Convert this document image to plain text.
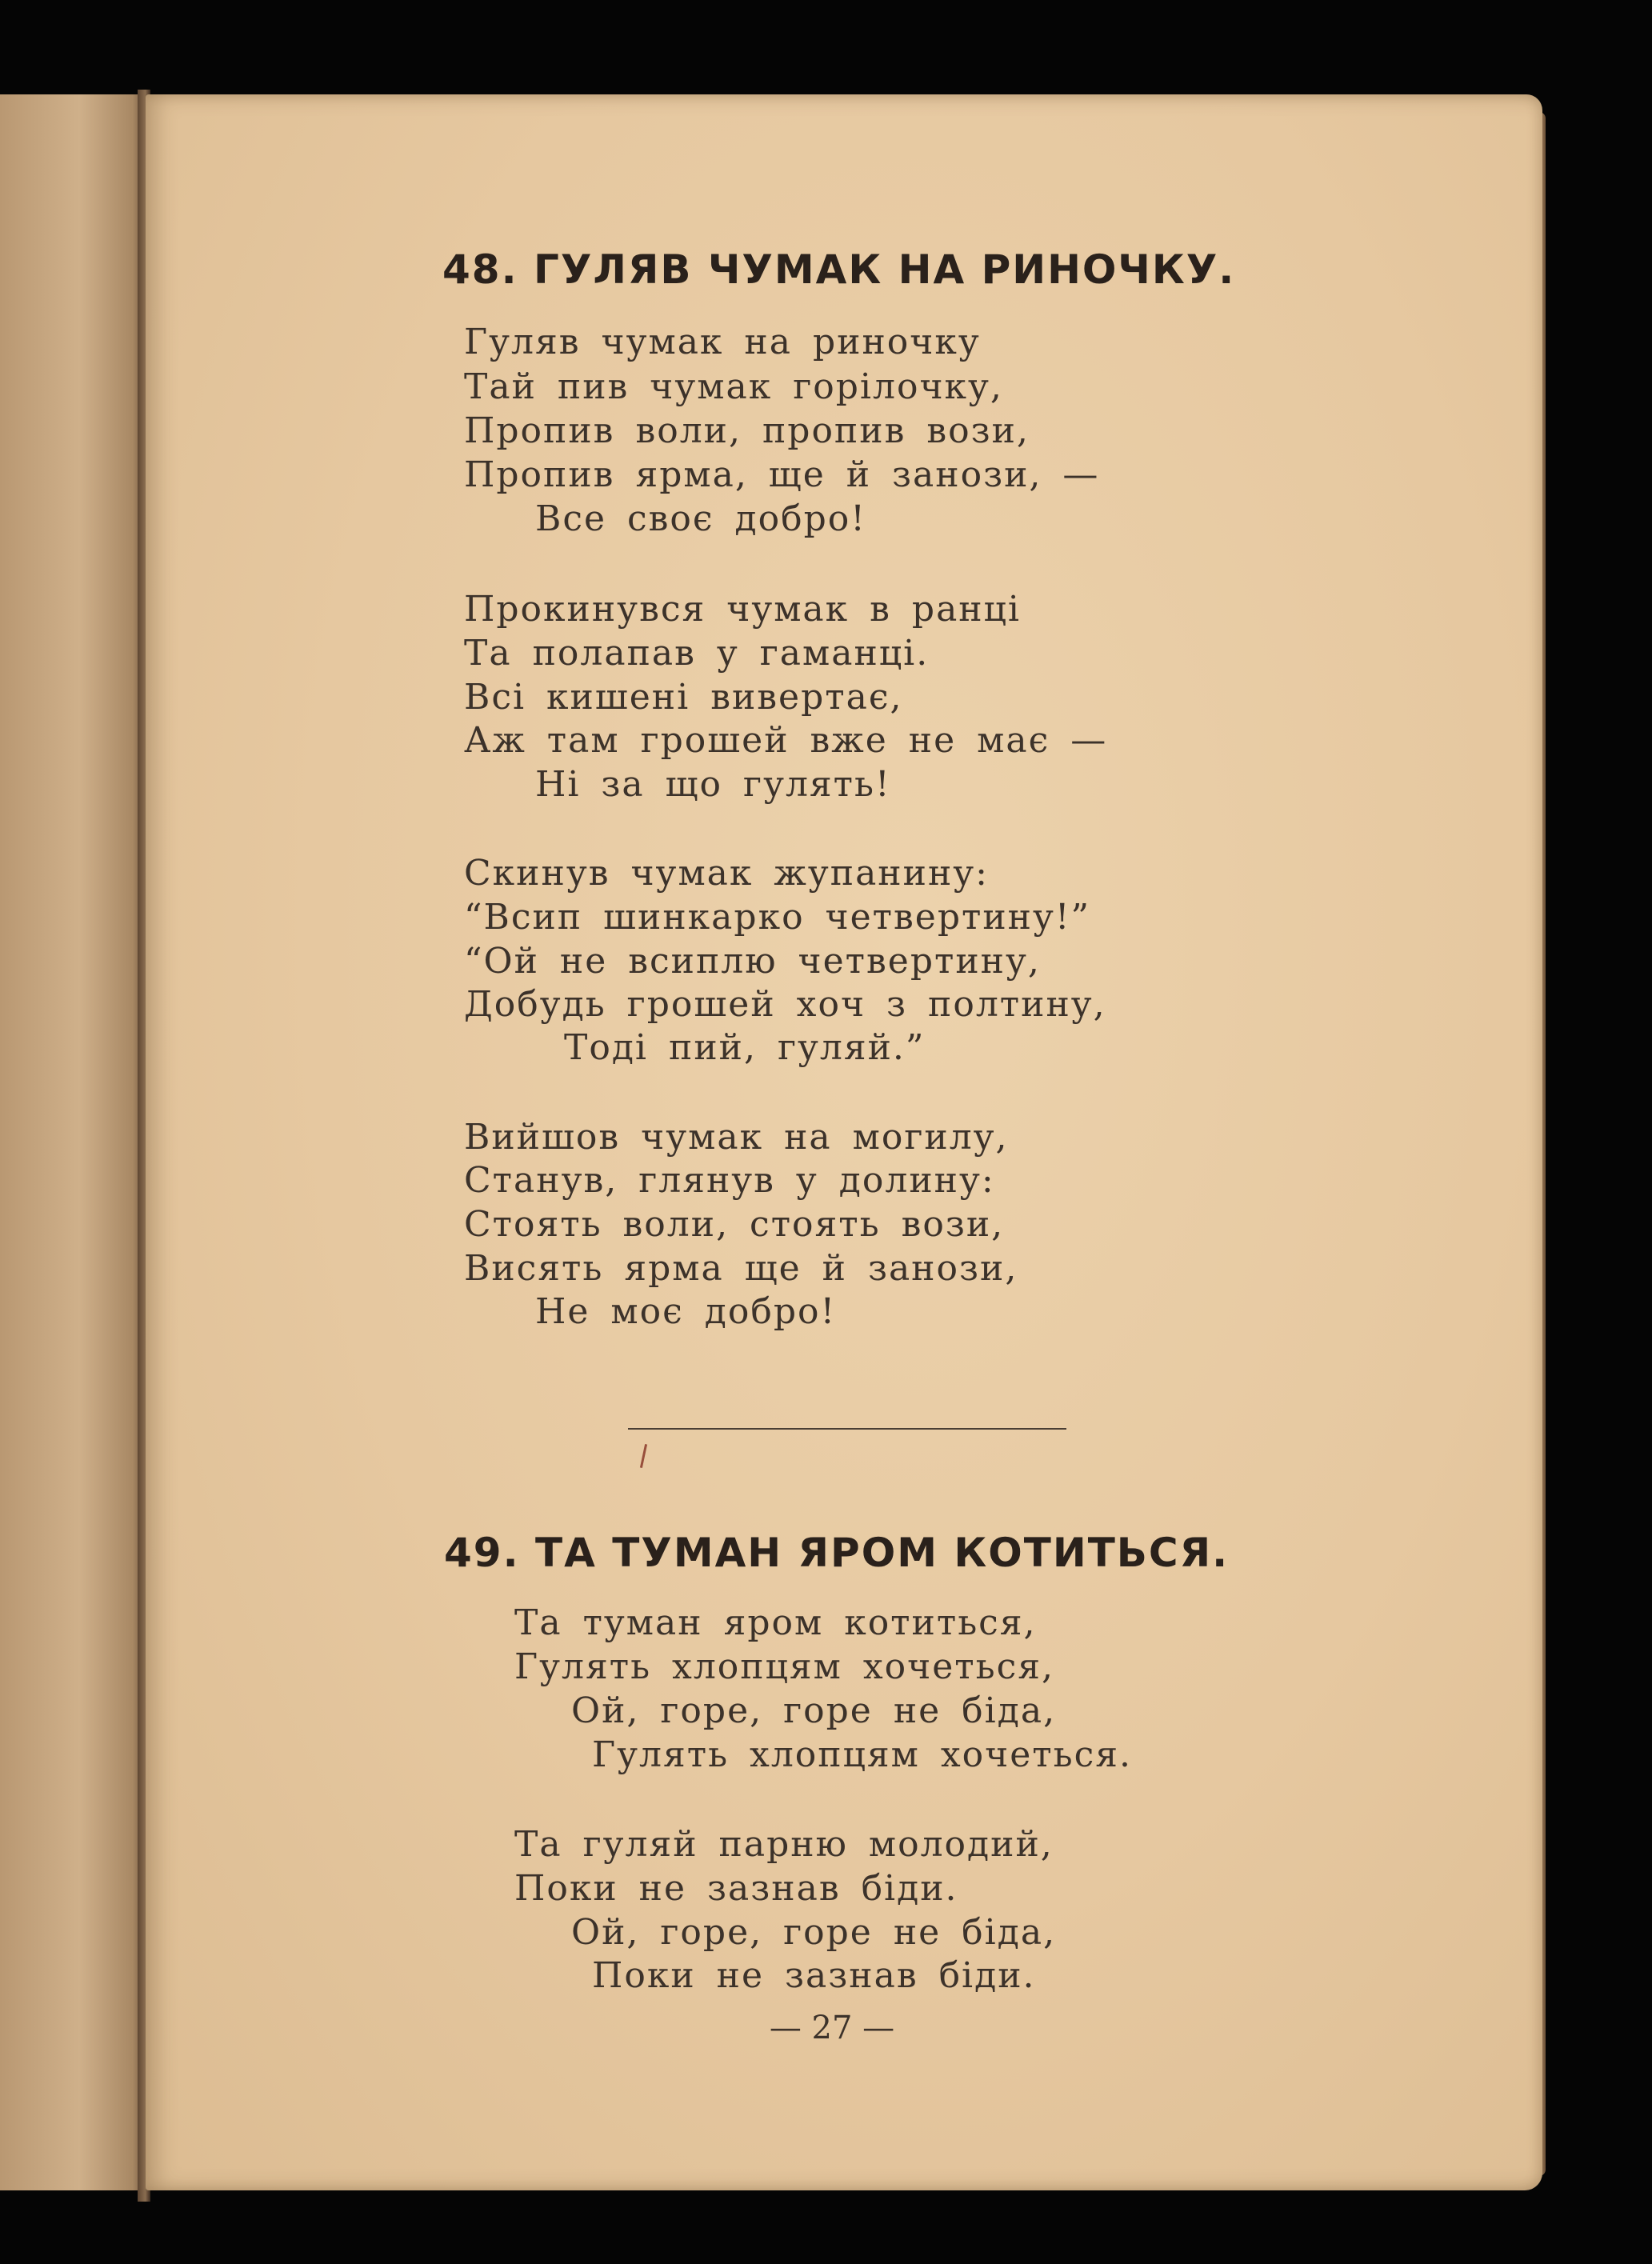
48. ГУЛЯВ ЧУМАК НА РИНОЧКУ.

Гуляв чумак на риночку

Тай пив чумак горілочку,

Пропив воли, пропив вози,

Пропив ярма, ще й занози, —

Все своє добро!

Прокинувся чумак в ранці

Та полапав у гаманці.

Всі кишені вивертає,

Аж там грошей вже не має —

Ні за що гулять!

Скинув чумак жупанину:

“Всип шинкарко четвертину!”

“Ой не всиплю четвертину,

Добудь грошей хоч з полтину,

Тоді пий, гуляй.”

Вийшов чумак на могилу,

Станув, глянув у долину:

Стоять воли, стоять вози,

Висять ярма ще й занози,

Не моє добро!

49. ТА ТУМАН ЯРОМ КОТИТЬСЯ.

Та туман яром котиться,

Гулять хлопцям хочеться,

Ой, горе, горе не біда,

Гулять хлопцям хочеться.

Та гуляй парню молодий,

Поки не зазнав біди.

Ой, горе, горе не біда,

Поки не зазнав біди.

— 27 —
